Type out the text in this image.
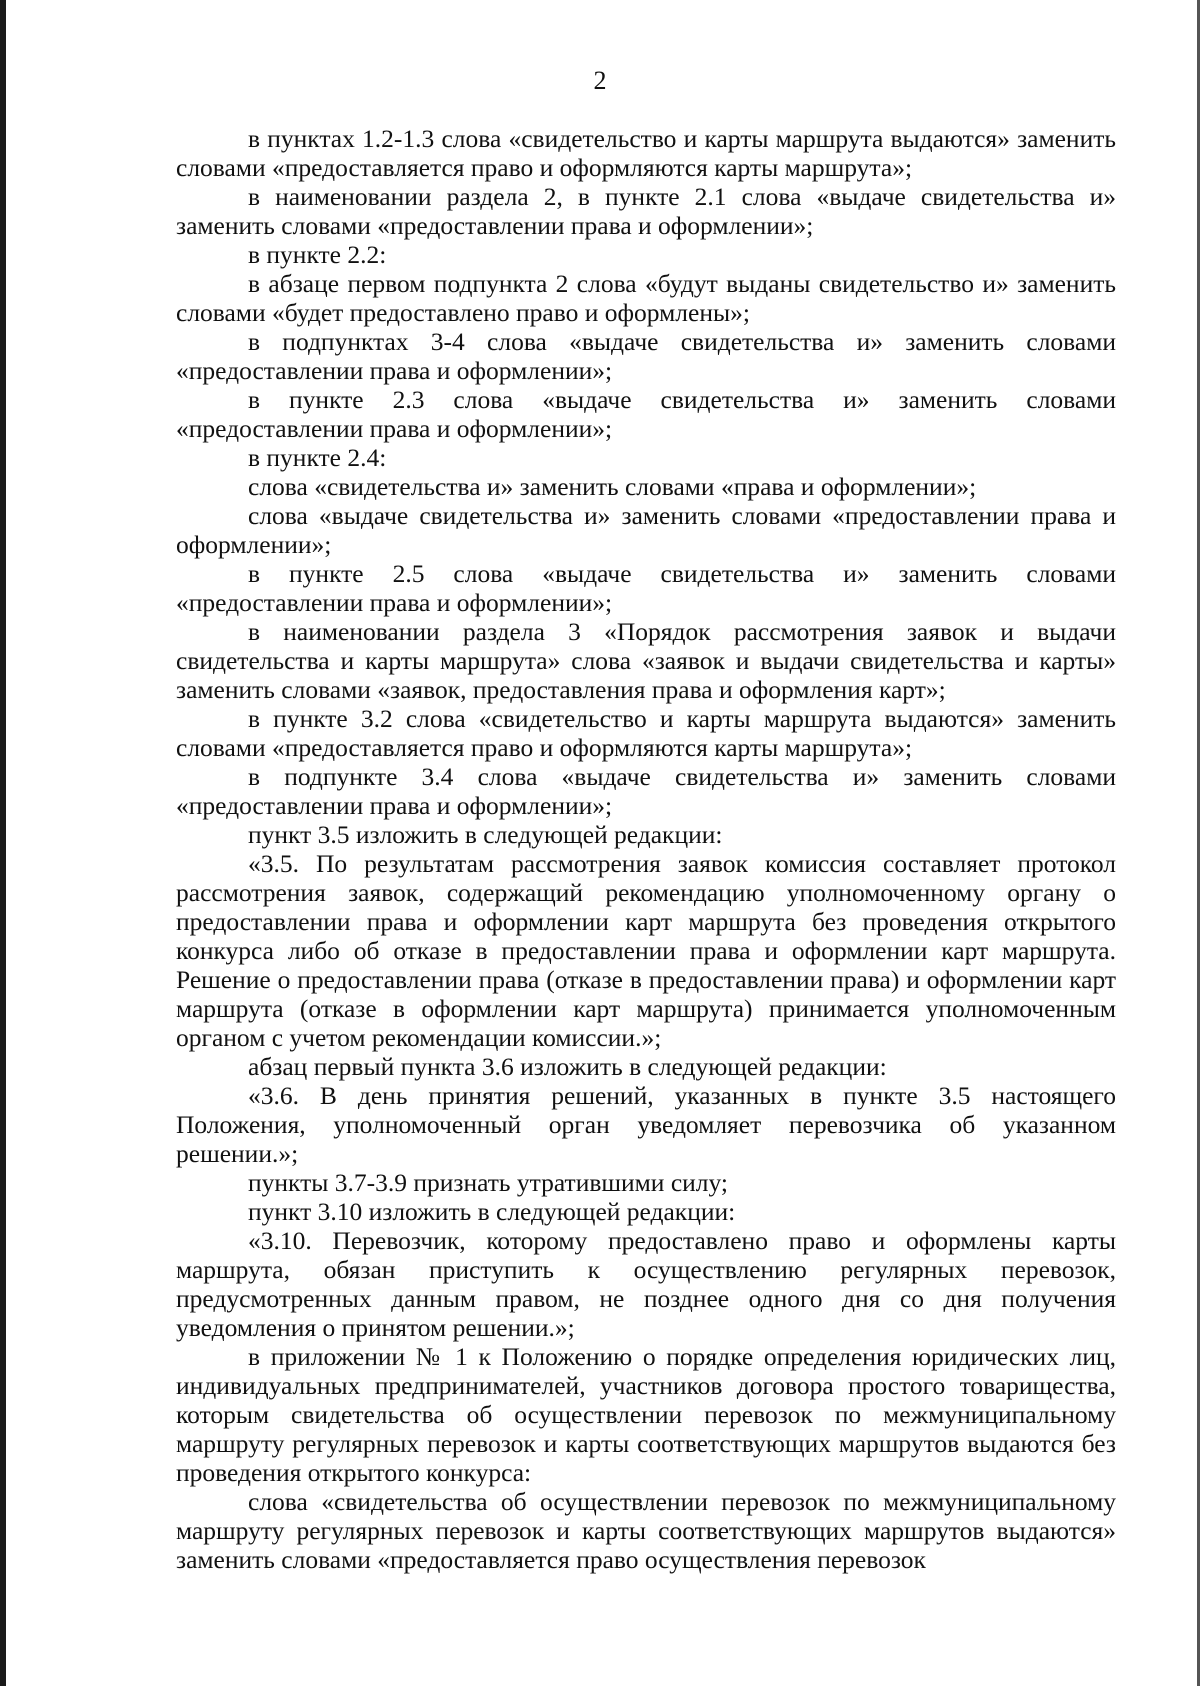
2

в пунктах 1.2-1.3 слова «свидетельство и карты маршрута выдаются» заменить словами «предоставляется право и оформляются карты маршрута»;

в наименовании раздела 2, в пункте 2.1 слова «выдаче свидетельства и» заменить словами «предоставлении права и оформлении»;

в пункте 2.2:

в абзаце первом подпункта 2 слова «будут выданы свидетельство и» заменить словами «будет предоставлено право и оформлены»;

в подпунктах 3-4 слова «выдаче свидетельства и» заменить словами «предоставлении права и оформлении»;

в пункте 2.3 слова «выдаче свидетельства и» заменить словами «предоставлении права и оформлении»;

в пункте 2.4:

слова «свидетельства и» заменить словами «права и оформлении»;

слова «выдаче свидетельства и» заменить словами «предоставлении права и оформлении»;

в пункте 2.5 слова «выдаче свидетельства и» заменить словами «предоставлении права и оформлении»;

в наименовании раздела 3 «Порядок рассмотрения заявок и выдачи свидетельства и карты маршрута» слова «заявок и выдачи свидетельства и карты» заменить словами «заявок, предоставления права и оформления карт»;

в пункте 3.2 слова «свидетельство и карты маршрута выдаются» заменить словами «предоставляется право и оформляются карты маршрута»;

в подпункте 3.4 слова «выдаче свидетельства и» заменить словами «предоставлении права и оформлении»;

пункт 3.5 изложить в следующей редакции:

«3.5. По результатам рассмотрения заявок комиссия составляет протокол рассмотрения заявок, содержащий рекомендацию уполномоченному органу о предоставлении права и оформлении карт маршрута без проведения открытого конкурса либо об отказе в предоставлении права и оформлении карт маршрута. Решение о предоставлении права (отказе в предоставлении права) и оформлении карт маршрута (отказе в оформлении карт маршрута) принимается уполномоченным органом с учетом рекомендации комиссии.»;

абзац первый пункта 3.6 изложить в следующей редакции:

«3.6. В день принятия решений, указанных в пункте 3.5 настоящего Положения, уполномоченный орган уведомляет перевозчика об указанном решении.»;

пункты 3.7-3.9 признать утратившими силу;

пункт 3.10 изложить в следующей редакции:

«3.10. Перевозчик, которому предоставлено право и оформлены карты маршрута, обязан приступить к осуществлению регулярных перевозок, предусмотренных данным правом, не позднее одного дня со дня получения уведомления о принятом решении.»;

в приложении № 1 к Положению о порядке определения юридических лиц, индивидуальных предпринимателей, участников договора простого товарищества, которым свидетельства об осуществлении перевозок по межмуниципальному маршруту регулярных перевозок и карты соответствующих маршрутов выдаются без проведения открытого конкурса:

слова «свидетельства об осуществлении перевозок по межмуниципальному маршруту регулярных перевозок и карты соответствующих маршрутов выдаются» заменить словами «предоставляется право осуществления перевозок
